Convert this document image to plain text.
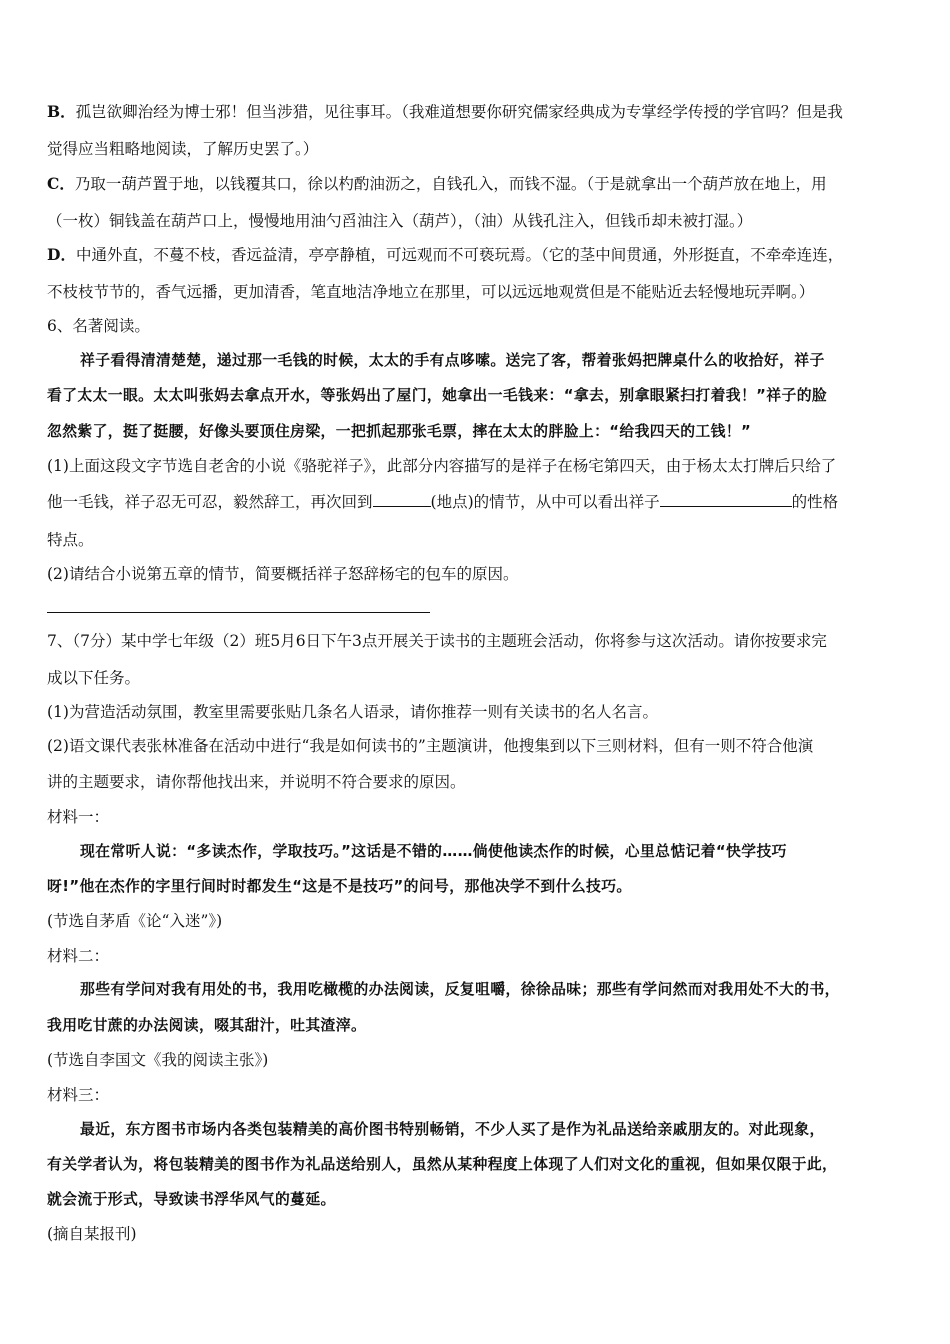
B．孤岂欲卿治经为博士邪！但当涉猎，见往事耳。（我难道想要你研究儒家经典成为专掌经学传授的学官吗？但是我
觉得应当粗略地阅读，了解历史罢了。）
C．乃取一葫芦置于地，以钱覆其口，徐以杓酌油沥之，自钱孔入，而钱不湿。（于是就拿出一个葫芦放在地上，用
（一枚）铜钱盖在葫芦口上，慢慢地用油勺舀油注入（葫芦），（油）从钱孔注入，但钱币却未被打湿。）
D．中通外直，不蔓不枝，香远益清，亭亭静植，可远观而不可亵玩焉。（它的茎中间贯通，外形挺直，不牵牵连连，
不枝枝节节的，香气远播，更加清香，笔直地洁净地立在那里，可以远远地观赏但是不能贴近去轻慢地玩弄啊。）
6、名著阅读。
祥子看得清清楚楚，递过那一毛钱的时候，太太的手有点哆嗦。送完了客，帮着张妈把牌桌什么的收拾好，祥子
看了太太一眼。太太叫张妈去拿点开水，等张妈出了屋门，她拿出一毛钱来：“拿去，别拿眼紧扫打着我！”祥子的脸
忽然紫了，挺了挺腰，好像头要顶住房梁，一把抓起那张毛票，摔在太太的胖脸上：“给我四天的工钱！”
(1)上面这段文字节选自老舍的小说《骆驼祥子》，此部分内容描写的是祥子在杨宅第四天，由于杨太太打牌后只给了
他一毛钱，祥子忍无可忍，毅然辞工，再次回到	(地点)的情节，从中可以看出祥子	的性格
特点。
(2)请结合小说第五章的情节，简要概括祥子怒辞杨宅的包车的原因。
7、（7分）某中学七年级（2）班5月6日下午3点开展关于读书的主题班会活动，你将参与这次活动。请你按要求完
成以下任务。
(1)为营造活动氛围，教室里需要张贴几条名人语录，请你推荐一则有关读书的名人名言。
(2)语文课代表张林准备在活动中进行“我是如何读书的”主题演讲，他搜集到以下三则材料，但有一则不符合他演
讲的主题要求，请你帮他找出来，并说明不符合要求的原因。
材料一：
现在常听人说：“多读杰作，学取技巧。”这话是不错的……倘使他读杰作的时候，心里总惦记着“快学技巧
呀!”他在杰作的字里行间时时都发生“这是不是技巧”的问号，那他决学不到什么技巧。
(节选自茅盾《论“入迷”》)
材料二：
那些有学问对我有用处的书，我用吃橄榄的办法阅读，反复咀嚼，徐徐品味；那些有学问然而对我用处不大的书，
我用吃甘蔗的办法阅读，啜其甜汁，吐其渣滓。
(节选自李国文《我的阅读主张》)
材料三：
最近，东方图书市场内各类包装精美的高价图书特别畅销，不少人买了是作为礼品送给亲戚朋友的。对此现象，
有关学者认为，将包装精美的图书作为礼品送给别人，虽然从某种程度上体现了人们对文化的重视，但如果仅限于此，
就会流于形式，导致读书浮华风气的蔓延。
(摘自某报刊)
